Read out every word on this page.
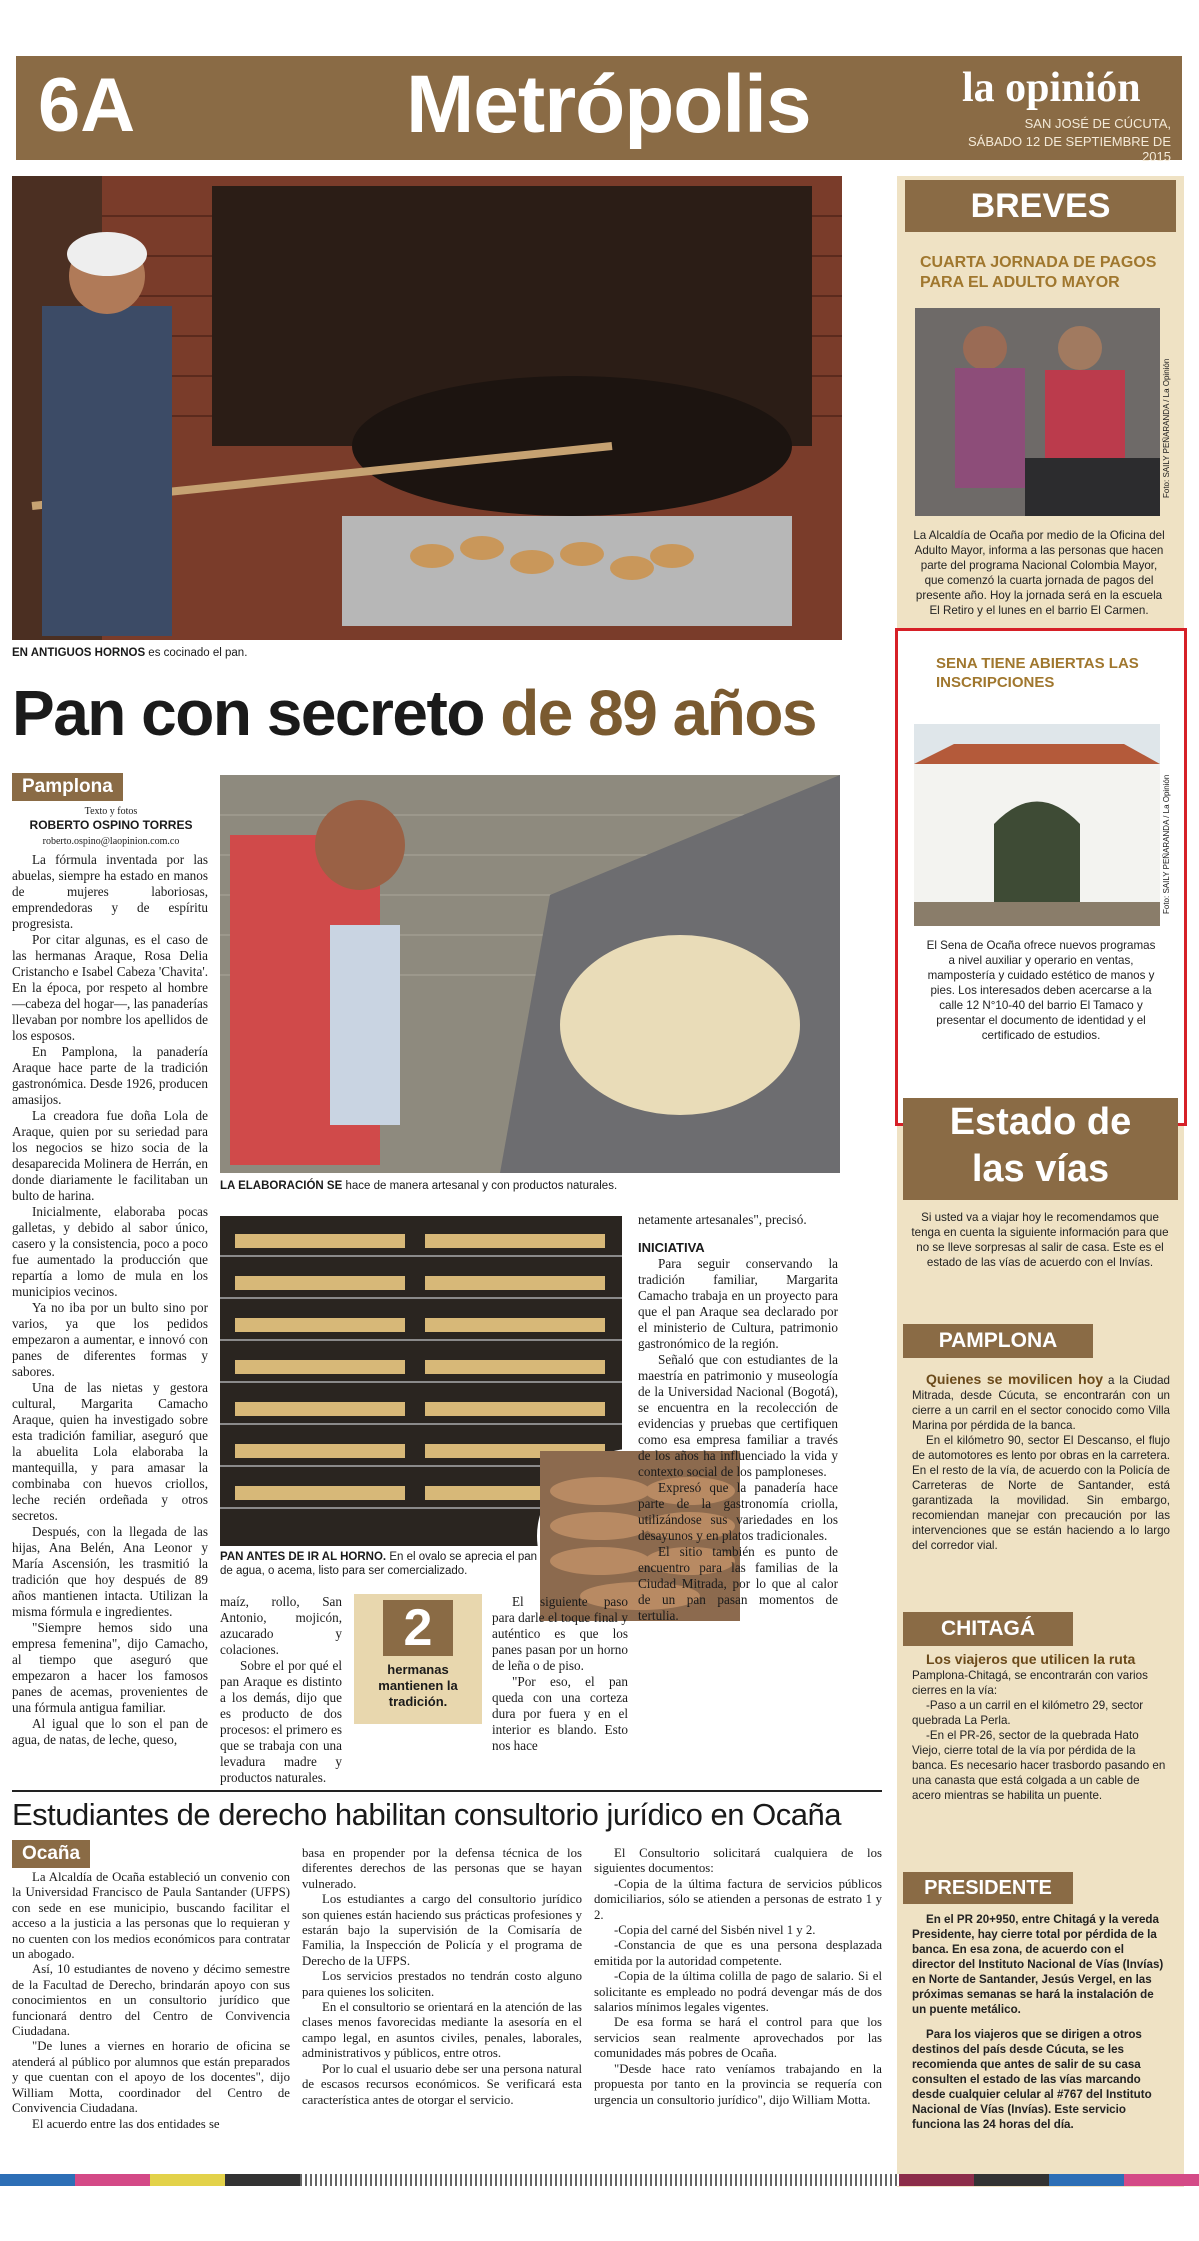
6A	Metrópolis	la opinión
SAN JOSÉ DE CÚCUTA,
SÁBADO 12 DE SEPTIEMBRE DE 2015
EN ANTIGUOS HORNOS es cocinado el pan.
Pan con secreto de 89 años
Pamplona
Texto y fotos
ROBERTO OSPINO TORRES
roberto.ospino@laopinion.com.co

La fórmula inventada por las abuelas, siempre ha estado en manos de mujeres laboriosas, emprendedoras y de espíritu progresista.

Por citar algunas, es el caso de las hermanas Araque, Rosa Delia Cristancho e Isabel Cabeza 'Chavita'. En la época, por respeto al hombre —cabeza del hogar—, las panaderías llevaban por nombre los apellidos de los esposos.

En Pamplona, la panadería Araque hace parte de la tradición gastronómica. Desde 1926, producen amasijos.

La creadora fue doña Lola de Araque, quien por su seriedad para los negocios se hizo socia de la desaparecida Molinera de Herrán, en donde diariamente le facilitaban un bulto de harina.

Inicialmente, elaboraba pocas galletas, y debido al sabor único, casero y la consistencia, poco a poco fue aumentado la producción que repartía a lomo de mula en los municipios vecinos.

Ya no iba por un bulto sino por varios, ya que los pedidos empezaron a aumentar, e innovó con panes de diferentes formas y sabores.

Una de las nietas y gestora cultural, Margarita Camacho Araque, quien ha investigado sobre esta tradición familiar, aseguró que la abuelita Lola elaboraba la mantequilla, y para amasar la combinaba con huevos criollos, leche recién ordeñada y otros secretos.

Después, con la llegada de las hijas, Ana Belén, Ana Leonor y María Ascensión, les trasmitió la tradición que hoy después de 89 años mantienen intacta. Utilizan la misma fórmula e ingredientes.

"Siempre hemos sido una empresa femenina", dijo Camacho, al tiempo que aseguró que empezaron a hacer los famosos panes de acemas, provenientes de una fórmula antigua familiar.

Al igual que lo son el pan de agua, de natas, de leche, queso,

LA ELABORACIÓN SE hace de manera artesanal y con productos naturales.
PAN ANTES DE IR AL HORNO. En el ovalo se aprecia el pan de agua, o acema, listo para ser comercializado.

maíz, rollo, San Antonio, mojicón, azucarado y colaciones.

Sobre el por qué el pan Araque es distinto a los demás, dijo que es producto de dos procesos: el primero es que se trabaja con una levadura madre y productos naturales.

2
hermanas mantienen la tradición.

El siguiente paso para darle el toque final y auténtico es que los panes pasan por un horno de leña o de piso.

"Por eso, el pan queda con una corteza dura por fuera y en el interior es blando. Esto nos hace

netamente artesanales", precisó.

INICIATIVA

Para seguir conservando la tradición familiar, Margarita Camacho trabaja en un proyecto para que el pan Araque sea declarado por el ministerio de Cultura, patrimonio gastronómico de la región.

Señaló que con estudiantes de la maestría en patrimonio y museología de la Universidad Nacional (Bogotá), se encuentra en la recolección de evidencias y pruebas que certifiquen como esa empresa familiar a través de los años ha influenciado la vida y contexto social de los pamploneses.

Expresó que la panadería hace parte de la gastronomía criolla, utilizándose sus variedades en los desayunos y en platos tradicionales.

El sitio también es punto de encuentro para las familias de la Ciudad Mitrada, por lo que al calor de un pan pasan momentos de tertulia.

Estudiantes de derecho habilitan consultorio jurídico en Ocaña
Ocaña

La Alcaldía de Ocaña estableció un convenio con la Universidad Francisco de Paula Santander (UFPS) con sede en ese municipio, buscando facilitar el acceso a la justicia a las personas que lo requieran y no cuenten con los medios económicos para contratar un abogado.

Así, 10 estudiantes de noveno y décimo semestre de la Facultad de Derecho, brindarán apoyo con sus conocimientos en un consultorio jurídico que funcionará dentro del Centro de Convivencia Ciudadana.

"De lunes a viernes en horario de oficina se atenderá al público por alumnos que están preparados y que cuentan con el apoyo de los docentes", dijo William Motta, coordinador del Centro de Convivencia Ciudadana.

El acuerdo entre las dos entidades se

basa en propender por la defensa técnica de los diferentes derechos de las personas que se hayan vulnerado.

Los estudiantes a cargo del consultorio jurídico son quienes están haciendo sus prácticas profesiones y estarán bajo la supervisión de la Comisaría de Familia, la Inspección de Policía y el programa de Derecho de la UFPS.

Los servicios prestados no tendrán costo alguno para quienes los soliciten.

En el consultorio se orientará en la atención de las clases menos favorecidas mediante la asesoría en el campo legal, en asuntos civiles, penales, laborales, administrativos y públicos, entre otros.

Por lo cual el usuario debe ser una persona natural de escasos recursos económicos. Se verificará esta característica antes de otorgar el servicio.

El Consultorio solicitará cualquiera de los siguientes documentos:

-Copia de la última factura de servicios públicos domiciliarios, sólo se atienden a personas de estrato 1 y 2.

-Copia del carné del Sisbén nivel 1 y 2.

-Constancia de que es una persona desplazada emitida por la autoridad competente.

-Copia de la última colilla de pago de salario. Si el solicitante es empleado no podrá devengar más de dos salarios mínimos legales vigentes.

De esa forma se hará el control para que los servicios sean realmente aprovechados por las comunidades más pobres de Ocaña.

"Desde hace rato veníamos trabajando en la propuesta por tanto en la provincia se requería con urgencia un consultorio jurídico", dijo William Motta.

BREVES
CUARTA JORNADA DE PAGOS PARA EL ADULTO MAYOR
Foto: SAILY PEÑARANDA / La Opinión
La Alcaldía de Ocaña por medio de la Oficina del Adulto Mayor, informa a las personas que hacen parte del programa Nacional Colombia Mayor, que comenzó la cuarta jornada de pagos del presente año. Hoy la jornada será en la escuela El Retiro y el lunes en el barrio El Carmen.
SENA TIENE ABIERTAS LAS INSCRIPCIONES
Foto: SAILY PEÑARANDA / La Opinión
El Sena de Ocaña ofrece nuevos programas a nivel auxiliar y operario en ventas, mampostería y cuidado estético de manos y pies. Los interesados deben acercarse a la calle 12 N°10-40 del barrio El Tamaco y presentar el documento de identidad y el certificado de estudios.
Estado de
las vías
Si usted va a viajar hoy le recomendamos que tenga en cuenta la siguiente información para que no se lleve sorpresas al salir de casa. Este es el estado de las vías de acuerdo con el Invías.
PAMPLONA

Quienes se movilicen hoy a la Ciudad Mitrada, desde Cúcuta, se encontrarán con un cierre a un carril en el sector conocido como Villa Marina por pérdida de la banca.

En el kilómetro 90, sector El Descanso, el flujo de automotores es lento por obras en la carretera. En el resto de la vía, de acuerdo con la Policía de Carreteras de Norte de Santander, está garantizada la movilidad. Sin embargo, recomiendan manejar con precaución por las intervenciones que se están haciendo a lo largo del corredor vial.

CHITAGÁ

Los viajeros que utilicen la ruta Pamplona-Chitagá, se encontrarán con varios cierres en la vía:

-Paso a un carril en el kilómetro 29, sector quebrada La Perla.

-En el PR-26, sector de la quebrada Hato Viejo, cierre total de la vía por pérdida de la banca. Es necesario hacer trasbordo pasando en una canasta que está colgada a un cable de acero mientras se habilita un puente.

PRESIDENTE

En el PR 20+950, entre Chitagá y la vereda Presidente, hay cierre total por pérdida de la banca. En esa zona, de acuerdo con el director del Instituto Nacional de Vías (Invías) en Norte de Santander, Jesús Vergel, en las próximas semanas se hará la instalación de un puente metálico.

Para los viajeros que se dirigen a otros destinos del país desde Cúcuta, se les recomienda que antes de salir de su casa consulten el estado de las vías marcando desde cualquier celular al #767 del Instituto Nacional de Vías (Invías). Este servicio funciona las 24 horas del día.
